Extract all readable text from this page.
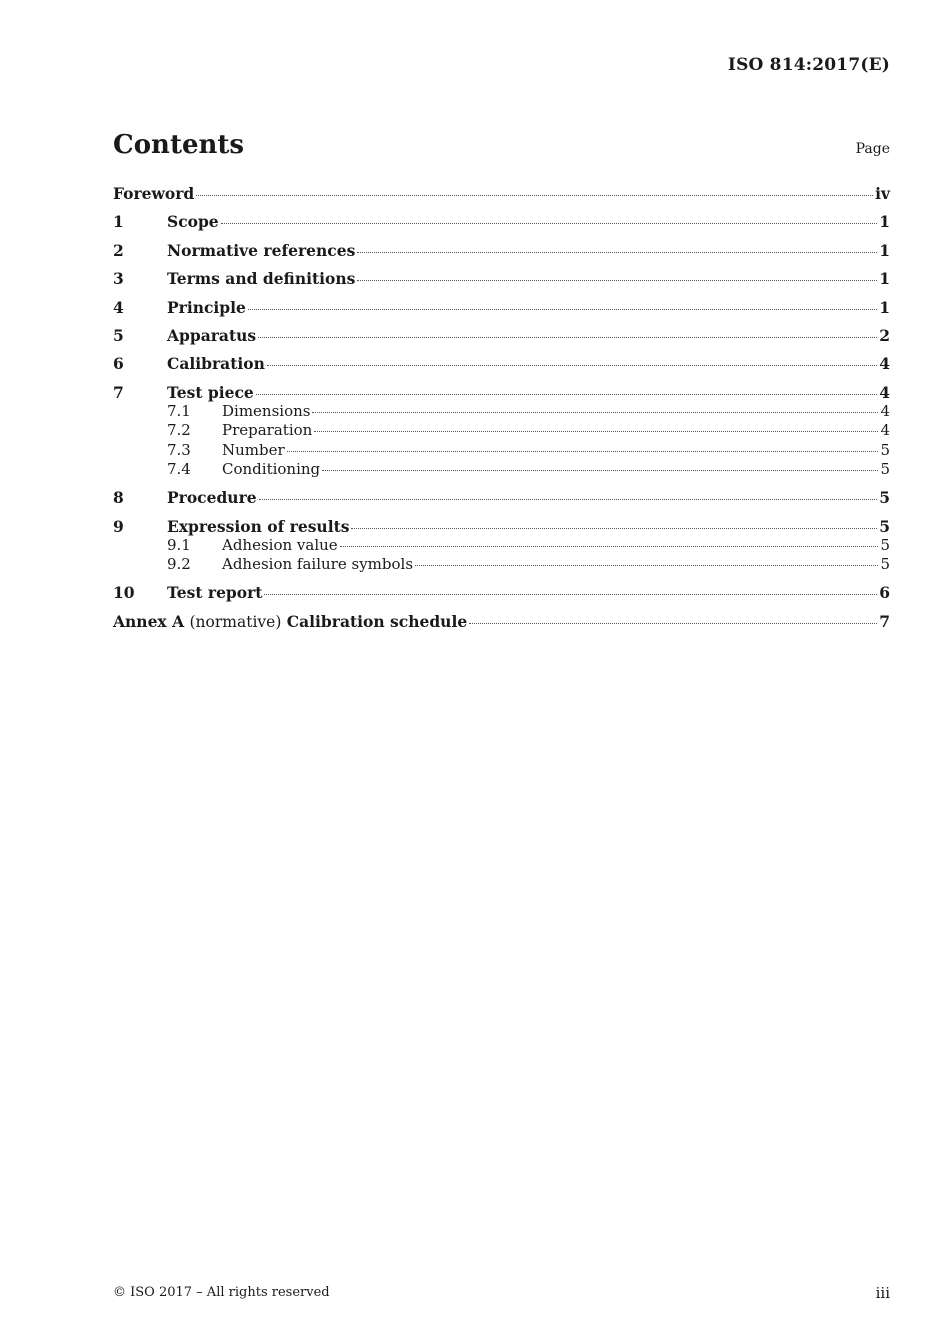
ISO 814:2017(E)
Contents	Page
Foreword	iv
1	Scope	1
2	Normative references	1
3	Terms and definitions	1
4	Principle	1
5	Apparatus	2
6	Calibration	4
7	Test piece	4
7.1	Dimensions	4
7.2	Preparation	4
7.3	Number	5
7.4	Conditioning	5
8	Procedure	5
9	Expression of results	5
9.1	Adhesion value	5
9.2	Adhesion failure symbols	5
10	Test report	6
Annex A (normative) Calibration schedule	7
© ISO 2017 – All rights reserved	iii
